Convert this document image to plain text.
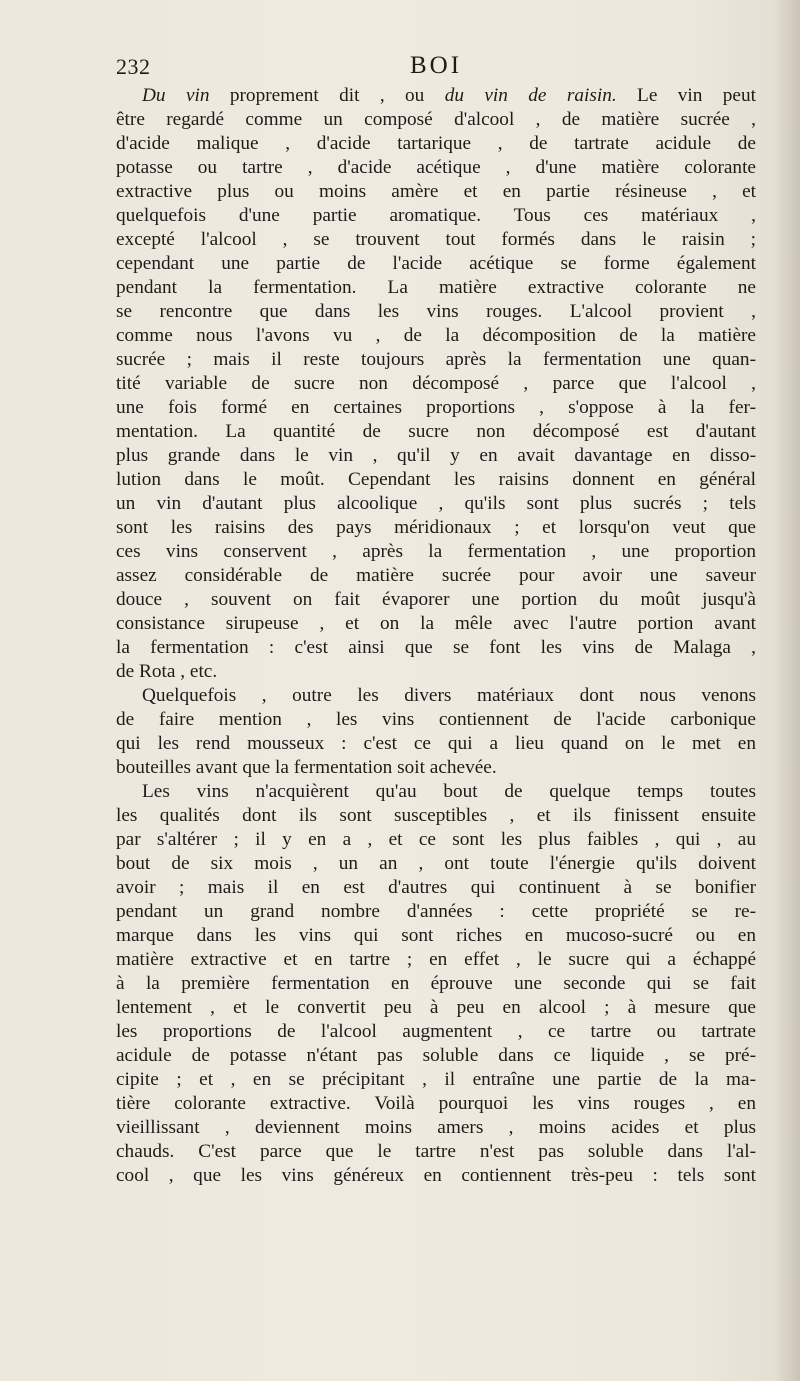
232	BOI
Du vin proprement dit , ou du vin de raisin. Le vin peut
être regardé comme un composé d'alcool , de matière sucrée ,
d'acide malique , d'acide tartarique , de tartrate acidule de
potasse ou tartre , d'acide acétique , d'une matière colorante
extractive plus ou moins amère et en partie résineuse , et
quelquefois d'une partie aromatique. Tous ces matériaux ,
excepté l'alcool , se trouvent tout formés dans le raisin ;
cependant une partie de l'acide acétique se forme également
pendant la fermentation. La matière extractive colorante ne
se rencontre que dans les vins rouges. L'alcool provient ,
comme nous l'avons vu , de la décomposition de la matière
sucrée ; mais il reste toujours après la fermentation une quan-
tité variable de sucre non décomposé , parce que l'alcool ,
une fois formé en certaines proportions , s'oppose à la fer-
mentation. La quantité de sucre non décomposé est d'autant
plus grande dans le vin , qu'il y en avait davantage en disso-
lution dans le moût. Cependant les raisins donnent en général
un vin d'autant plus alcoolique , qu'ils sont plus sucrés ; tels
sont les raisins des pays méridionaux ; et lorsqu'on veut que
ces vins conservent , après la fermentation , une proportion
assez considérable de matière sucrée pour avoir une saveur
douce , souvent on fait évaporer une portion du moût jusqu'à
consistance sirupeuse , et on la mêle avec l'autre portion avant
la fermentation : c'est ainsi que se font les vins de Malaga ,
de Rota , etc.
Quelquefois , outre les divers matériaux dont nous venons
de faire mention , les vins contiennent de l'acide carbonique
qui les rend mousseux : c'est ce qui a lieu quand on le met en
bouteilles avant que la fermentation soit achevée.
Les vins n'acquièrent qu'au bout de quelque temps toutes
les qualités dont ils sont susceptibles , et ils finissent ensuite
par s'altérer ; il y en a , et ce sont les plus faibles , qui , au
bout de six mois , un an , ont toute l'énergie qu'ils doivent
avoir ; mais il en est d'autres qui continuent à se bonifier
pendant un grand nombre d'années : cette propriété se re-
marque dans les vins qui sont riches en mucoso-sucré ou en
matière extractive et en tartre ; en effet , le sucre qui a échappé
à la première fermentation en éprouve une seconde qui se fait
lentement , et le convertit peu à peu en alcool ; à mesure que
les proportions de l'alcool augmentent , ce tartre ou tartrate
acidule de potasse n'étant pas soluble dans ce liquide , se pré-
cipite ; et , en se précipitant , il entraîne une partie de la ma-
tière colorante extractive. Voilà pourquoi les vins rouges , en
vieillissant , deviennent moins amers , moins acides et plus
chauds. C'est parce que le tartre n'est pas soluble dans l'al-
cool , que les vins généreux en contiennent très-peu : tels sont
